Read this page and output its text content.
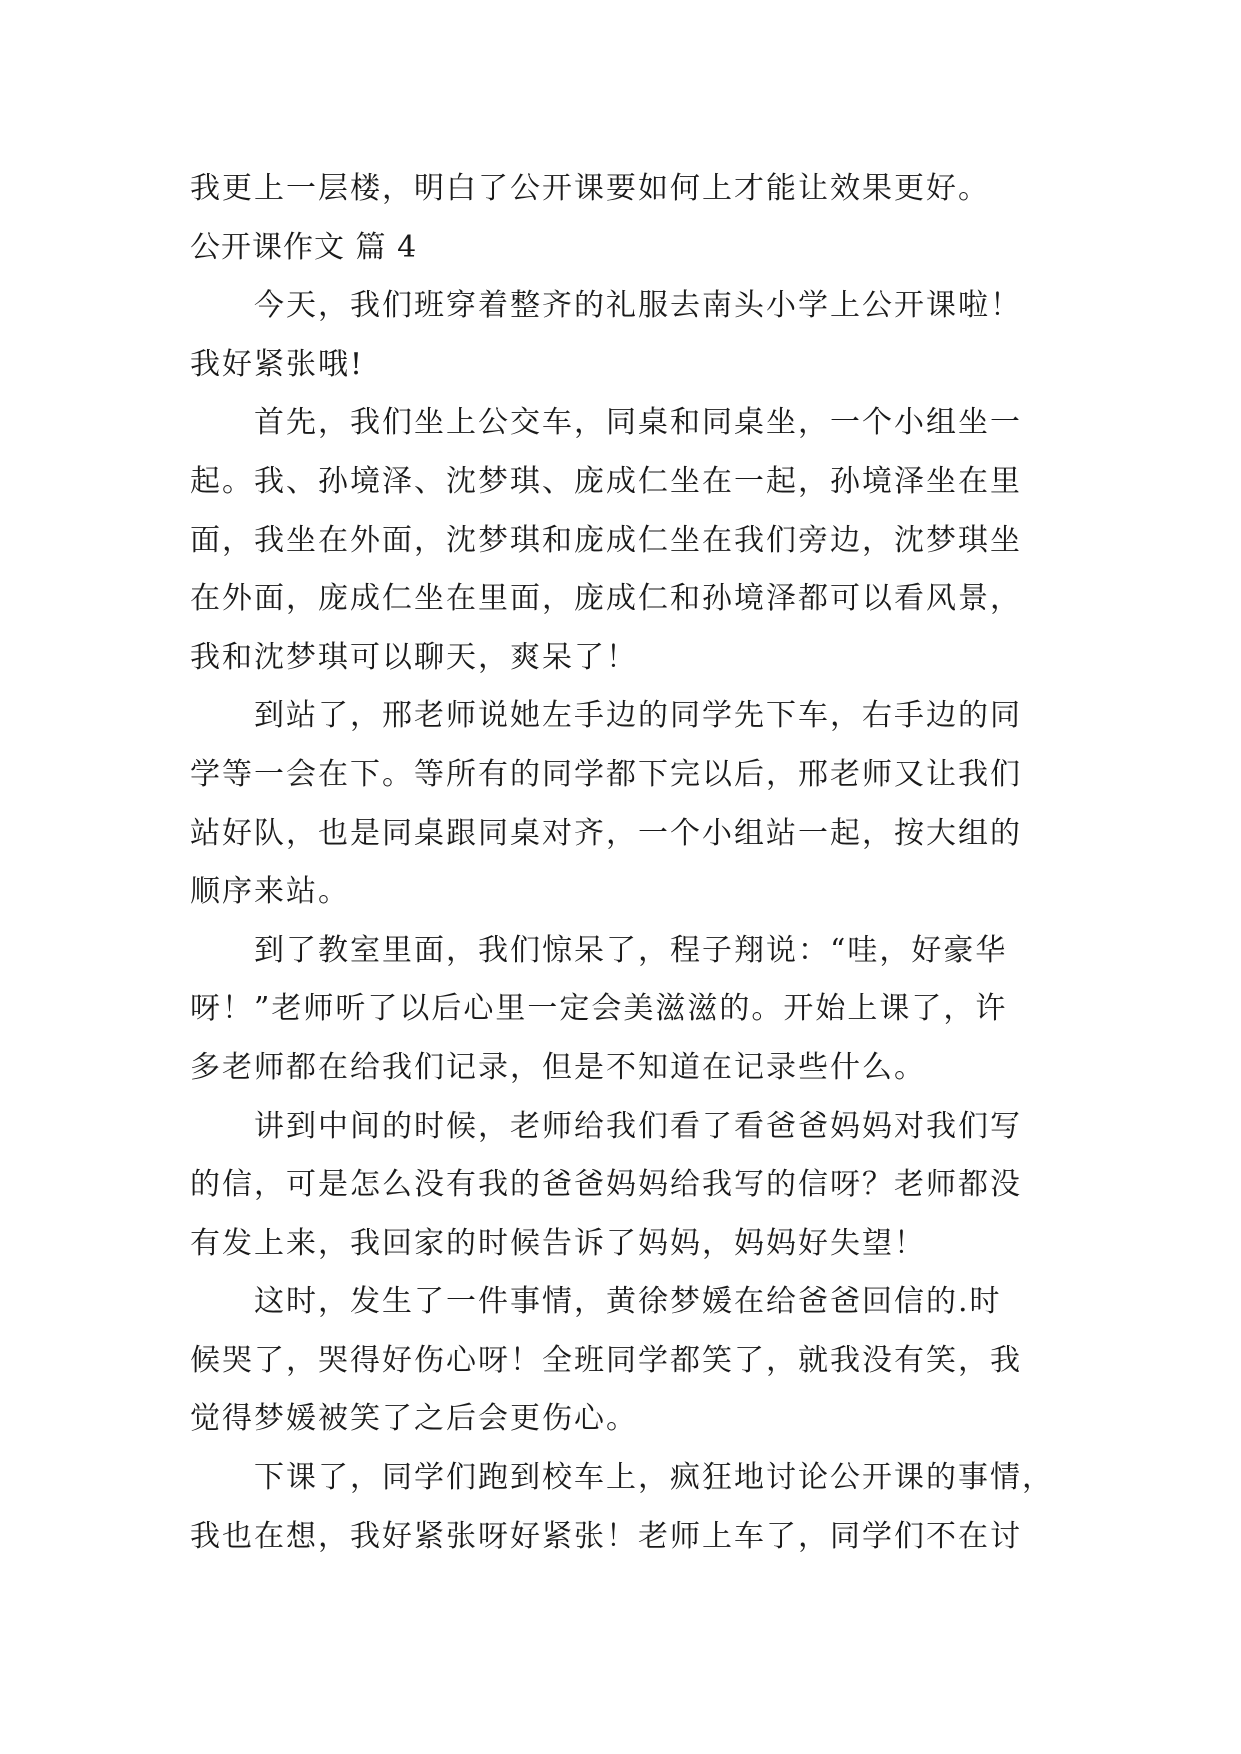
我更上一层楼，明白了公开课要如何上才能让效果更好。
公开课作文 篇 4
今天，我们班穿着整齐的礼服去南头小学上公开课啦！
我好紧张哦!
首先，我们坐上公交车，同桌和同桌坐，一个小组坐一
起。我、孙境泽、沈梦琪、庞成仁坐在一起，孙境泽坐在里
面，我坐在外面，沈梦琪和庞成仁坐在我们旁边，沈梦琪坐
在外面，庞成仁坐在里面，庞成仁和孙境泽都可以看风景，
我和沈梦琪可以聊天，爽呆了！
到站了，邢老师说她左手边的同学先下车，右手边的同
学等一会在下。等所有的同学都下完以后，邢老师又让我们
站好队，也是同桌跟同桌对齐，一个小组站一起，按大组的
顺序来站。
到了教室里面，我们惊呆了，程子翔说：“哇，好豪华
呀！”老师听了以后心里一定会美滋滋的。开始上课了，许
多老师都在给我们记录，但是不知道在记录些什么。
讲到中间的时候，老师给我们看了看爸爸妈妈对我们写
的信，可是怎么没有我的爸爸妈妈给我写的信呀？老师都没
有发上来，我回家的时候告诉了妈妈，妈妈好失望！
这时，发生了一件事情，黄徐梦媛在给爸爸回信的.时
候哭了，哭得好伤心呀！全班同学都笑了，就我没有笑，我
觉得梦媛被笑了之后会更伤心。
下课了，同学们跑到校车上，疯狂地讨论公开课的事情，
我也在想，我好紧张呀好紧张！老师上车了，同学们不在讨
